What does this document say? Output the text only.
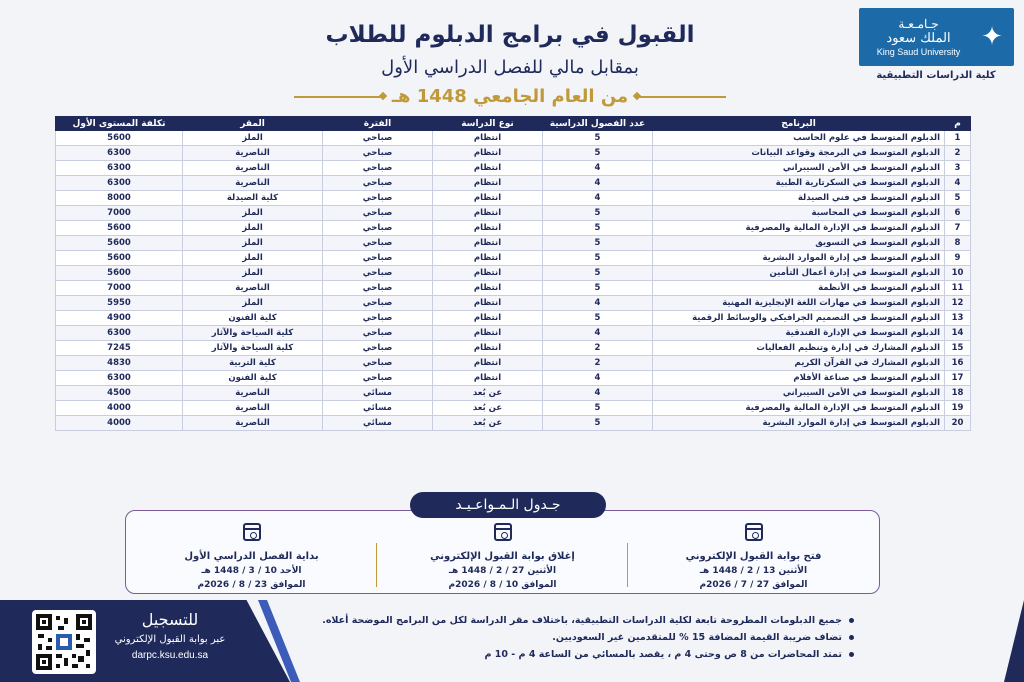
✦
جـامـعـة
الملك سعود
King Saud University
كلية الدراسات التطبيقية
القبول في برامج الدبلوم للطلاب
بمقابل مالي للفصل الدراسي الأول
من العام الجامعي 1448 هـ
م	البرنامج	عدد الفصول الدراسية	نوع الدراسة	الفترة	المقر	تكلفة المستوى الأول
1	الدبلوم المتوسط في علوم الحاسب	5	انتظام	صباحي	الملز	5600
2	الدبلوم المتوسط في البرمجة وقواعد البيانات	5	انتظام	صباحي	الناصرية	6300
3	الدبلوم المتوسط في الأمن السيبراني	4	انتظام	صباحي	الناصرية	6300
4	الدبلوم المتوسط في السكرتارية الطبية	4	انتظام	صباحي	الناصرية	6300
5	الدبلوم المتوسط في فني الصيدلة	4	انتظام	صباحي	كلية الصيدلة	8000
6	الدبلوم المتوسط في المحاسبة	5	انتظام	صباحي	الملز	7000
7	الدبلوم المتوسط في الإدارة المالية والمصرفية	5	انتظام	صباحي	الملز	5600
8	الدبلوم المتوسط في التسويق	5	انتظام	صباحي	الملز	5600
9	الدبلوم المتوسط في إدارة الموارد البشرية	5	انتظام	صباحي	الملز	5600
10	الدبلوم المتوسط في إدارة أعمال التأمين	5	انتظام	صباحي	الملز	5600
11	الدبلوم المتوسط في الأنظمة	5	انتظام	صباحي	الناصرية	7000
12	الدبلوم المتوسط في مهارات اللغة الإنجليزية المهنية	4	انتظام	صباحي	الملز	5950
13	الدبلوم المتوسط في التصميم الجرافيكي والوسائط الرقمية	5	انتظام	صباحي	كلية الفنون	4900
14	الدبلوم المتوسط في الإدارة الفندقية	4	انتظام	صباحي	كلية السياحة والآثار	6300
15	الدبلوم المشارك في إدارة وتنظيم الفعاليات	2	انتظام	صباحي	كلية السياحة والآثار	7245
16	الدبلوم المشارك في القرآن الكريم	2	انتظام	صباحي	كلية التربية	4830
17	الدبلوم المتوسط في صناعة الأفلام	4	انتظام	صباحي	كلية الفنون	6300
18	الدبلوم المتوسط في الأمن السيبراني	4	عن بُعد	مسائي	الناصرية	4500
19	الدبلوم المتوسط في الإدارة المالية والمصرفية	5	عن بُعد	مسائي	الناصرية	4000
20	الدبلوم المتوسط في إدارة الموارد البشرية	5	عن بُعد	مسائي	الناصرية	4000
جـدول الـمـواعـيـد
فتح بوابة القبول الإلكتروني
الأثنين 13 / 2 / 1448 هـ
الموافق 27 / 7 / 2026م
إغلاق بوابة القبول الإلكتروني
الأثنين 27 / 2 / 1448 هـ
الموافق 10 / 8 / 2026م
بداية الفصل الدراسي الأول
الأحد 10 / 3 / 1448 هـ
الموافق 23 / 8 / 2026م
للتسجيل
عبر بوابة القبول الإلكتروني
darpc.ksu.edu.sa
جميع الدبلومات المطروحة تابعة لكلية الدراسات التطبيقية، باختلاف مقر الدراسة لكل من البرامج الموضحة أعلاه.
تضاف ضريبة القيمة المضافة 15 % للمتقدمين غير السعوديين.
تمتد المحاضرات من 8 ص وحتى 4 م ، يقصد بالمسائي من الساعة 4 م - 10 م
